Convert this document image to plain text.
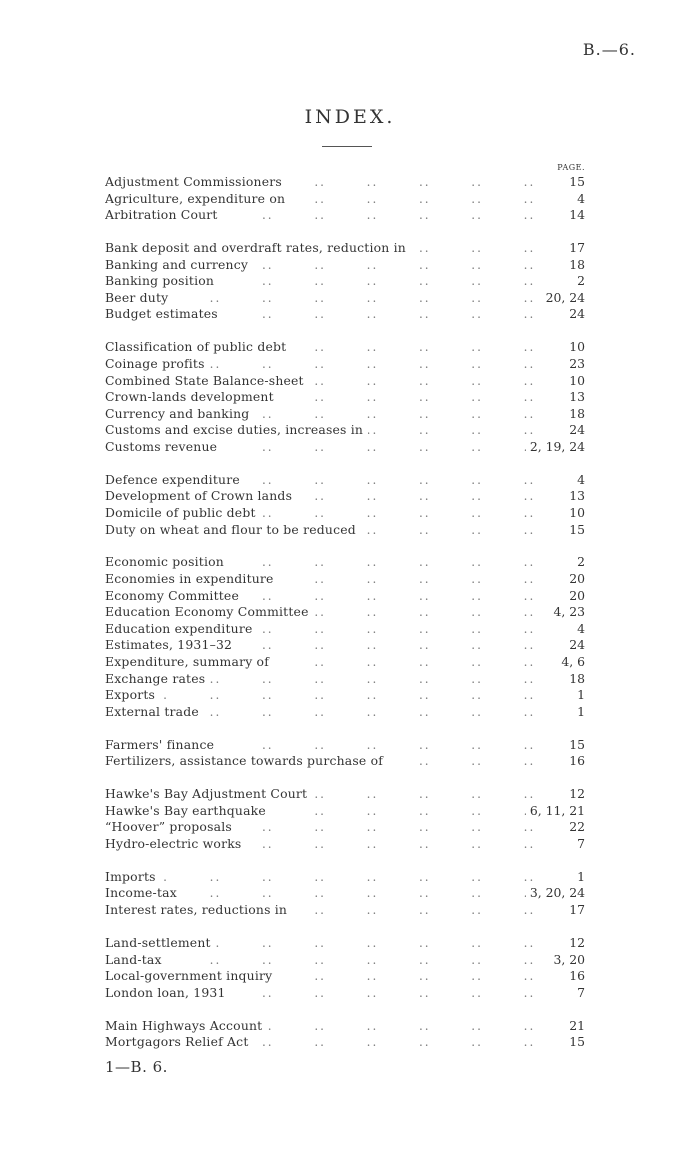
B.—6.
INDEX.
PAGE.
Adjustment Commissioners	15
Agriculture, expenditure on	4
Arbitration Court	14
Bank deposit and overdraft rates, reduction in	17
Banking and currency	18
Banking position	2
Beer duty	20, 24
Budget estimates	24
Classification of public debt	10
Coinage profits	23
Combined State Balance-sheet	10
Crown-lands development	13
Currency and banking	18
Customs and excise duties, increases in	24
Customs revenue	2, 19, 24
Defence expenditure	4
Development of Crown lands	13
Domicile of public debt	10
Duty on wheat and flour to be reduced	15
Economic position	2
Economies in expenditure	20
Economy Committee	20
Education Economy Committee	4, 23
Education expenditure	4
Estimates, 1931–32	24
Expenditure, summary of	4, 6
Exchange rates	18
Exports	1
External trade	1
Farmers' finance	15
Fertilizers, assistance towards purchase of	16
Hawke's Bay Adjustment Court	12
Hawke's Bay earthquake	6, 11, 21
“Hoover” proposals	22
Hydro-electric works	7
Imports	1
Income-tax	3, 20, 24
Interest rates, reductions in	17
Land-settlement	12
Land-tax	3, 20
Local-government inquiry	16
London loan, 1931	7
Main Highways Account	21
Mortgagors Relief Act	15
1—B. 6.
